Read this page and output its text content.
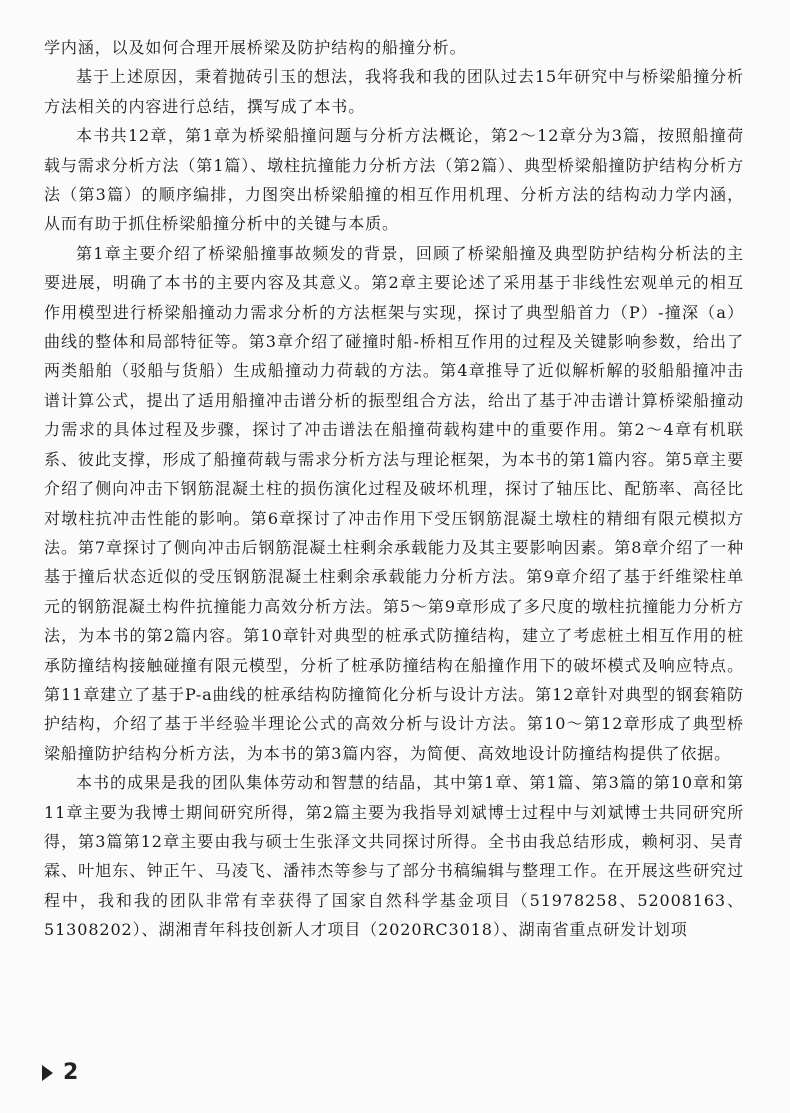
学内涵，以及如何合理开展桥梁及防护结构的船撞分析。

基于上述原因，秉着抛砖引玉的想法，我将我和我的团队过去15年研究中与桥梁船撞分析方法相关的内容进行总结，撰写成了本书。

本书共12章，第1章为桥梁船撞问题与分析方法概论，第2～12章分为3篇，按照船撞荷载与需求分析方法（第1篇）、墩柱抗撞能力分析方法（第2篇）、典型桥梁船撞防护结构分析方法（第3篇）的顺序编排，力图突出桥梁船撞的相互作用机理、分析方法的结构动力学内涵，从而有助于抓住桥梁船撞分析中的关键与本质。

第1章主要介绍了桥梁船撞事故频发的背景，回顾了桥梁船撞及典型防护结构分析法的主要进展，明确了本书的主要内容及其意义。第2章主要论述了采用基于非线性宏观单元的相互作用模型进行桥梁船撞动力需求分析的方法框架与实现，探讨了典型船首力（P）-撞深（a）曲线的整体和局部特征等。第3章介绍了碰撞时船-桥相互作用的过程及关键影响参数，给出了两类船舶（驳船与货船）生成船撞动力荷载的方法。第4章推导了近似解析解的驳船船撞冲击谱计算公式，提出了适用船撞冲击谱分析的振型组合方法，给出了基于冲击谱计算桥梁船撞动力需求的具体过程及步骤，探讨了冲击谱法在船撞荷载构建中的重要作用。第2～4章有机联系、彼此支撑，形成了船撞荷载与需求分析方法与理论框架，为本书的第1篇内容。第5章主要介绍了侧向冲击下钢筋混凝土柱的损伤演化过程及破坏机理，探讨了轴压比、配筋率、高径比对墩柱抗冲击性能的影响。第6章探讨了冲击作用下受压钢筋混凝土墩柱的精细有限元模拟方法。第7章探讨了侧向冲击后钢筋混凝土柱剩余承载能力及其主要影响因素。第8章介绍了一种基于撞后状态近似的受压钢筋混凝土柱剩余承载能力分析方法。第9章介绍了基于纤维梁柱单元的钢筋混凝土构件抗撞能力高效分析方法。第5～第9章形成了多尺度的墩柱抗撞能力分析方法，为本书的第2篇内容。第10章针对典型的桩承式防撞结构，建立了考虑桩土相互作用的桩承防撞结构接触碰撞有限元模型，分析了桩承防撞结构在船撞作用下的破坏模式及响应特点。第11章建立了基于P-a曲线的桩承结构防撞简化分析与设计方法。第12章针对典型的钢套箱防护结构，介绍了基于半经验半理论公式的高效分析与设计方法。第10～第12章形成了典型桥梁船撞防护结构分析方法，为本书的第3篇内容，为简便、高效地设计防撞结构提供了依据。

本书的成果是我的团队集体劳动和智慧的结晶，其中第1章、第1篇、第3篇的第10章和第11章主要为我博士期间研究所得，第2篇主要为我指导刘斌博士过程中与刘斌博士共同研究所得，第3篇第12章主要由我与硕士生张泽文共同探讨所得。全书由我总结形成，赖柯羽、吴青霖、叶旭东、钟正午、马凌飞、潘祎杰等参与了部分书稿编辑与整理工作。在开展这些研究过程中，我和我的团队非常有幸获得了国家自然科学基金项目（51978258、52008163、51308202）、湖湘青年科技创新人才项目（2020RC3018）、湖南省重点研发计划项

2
